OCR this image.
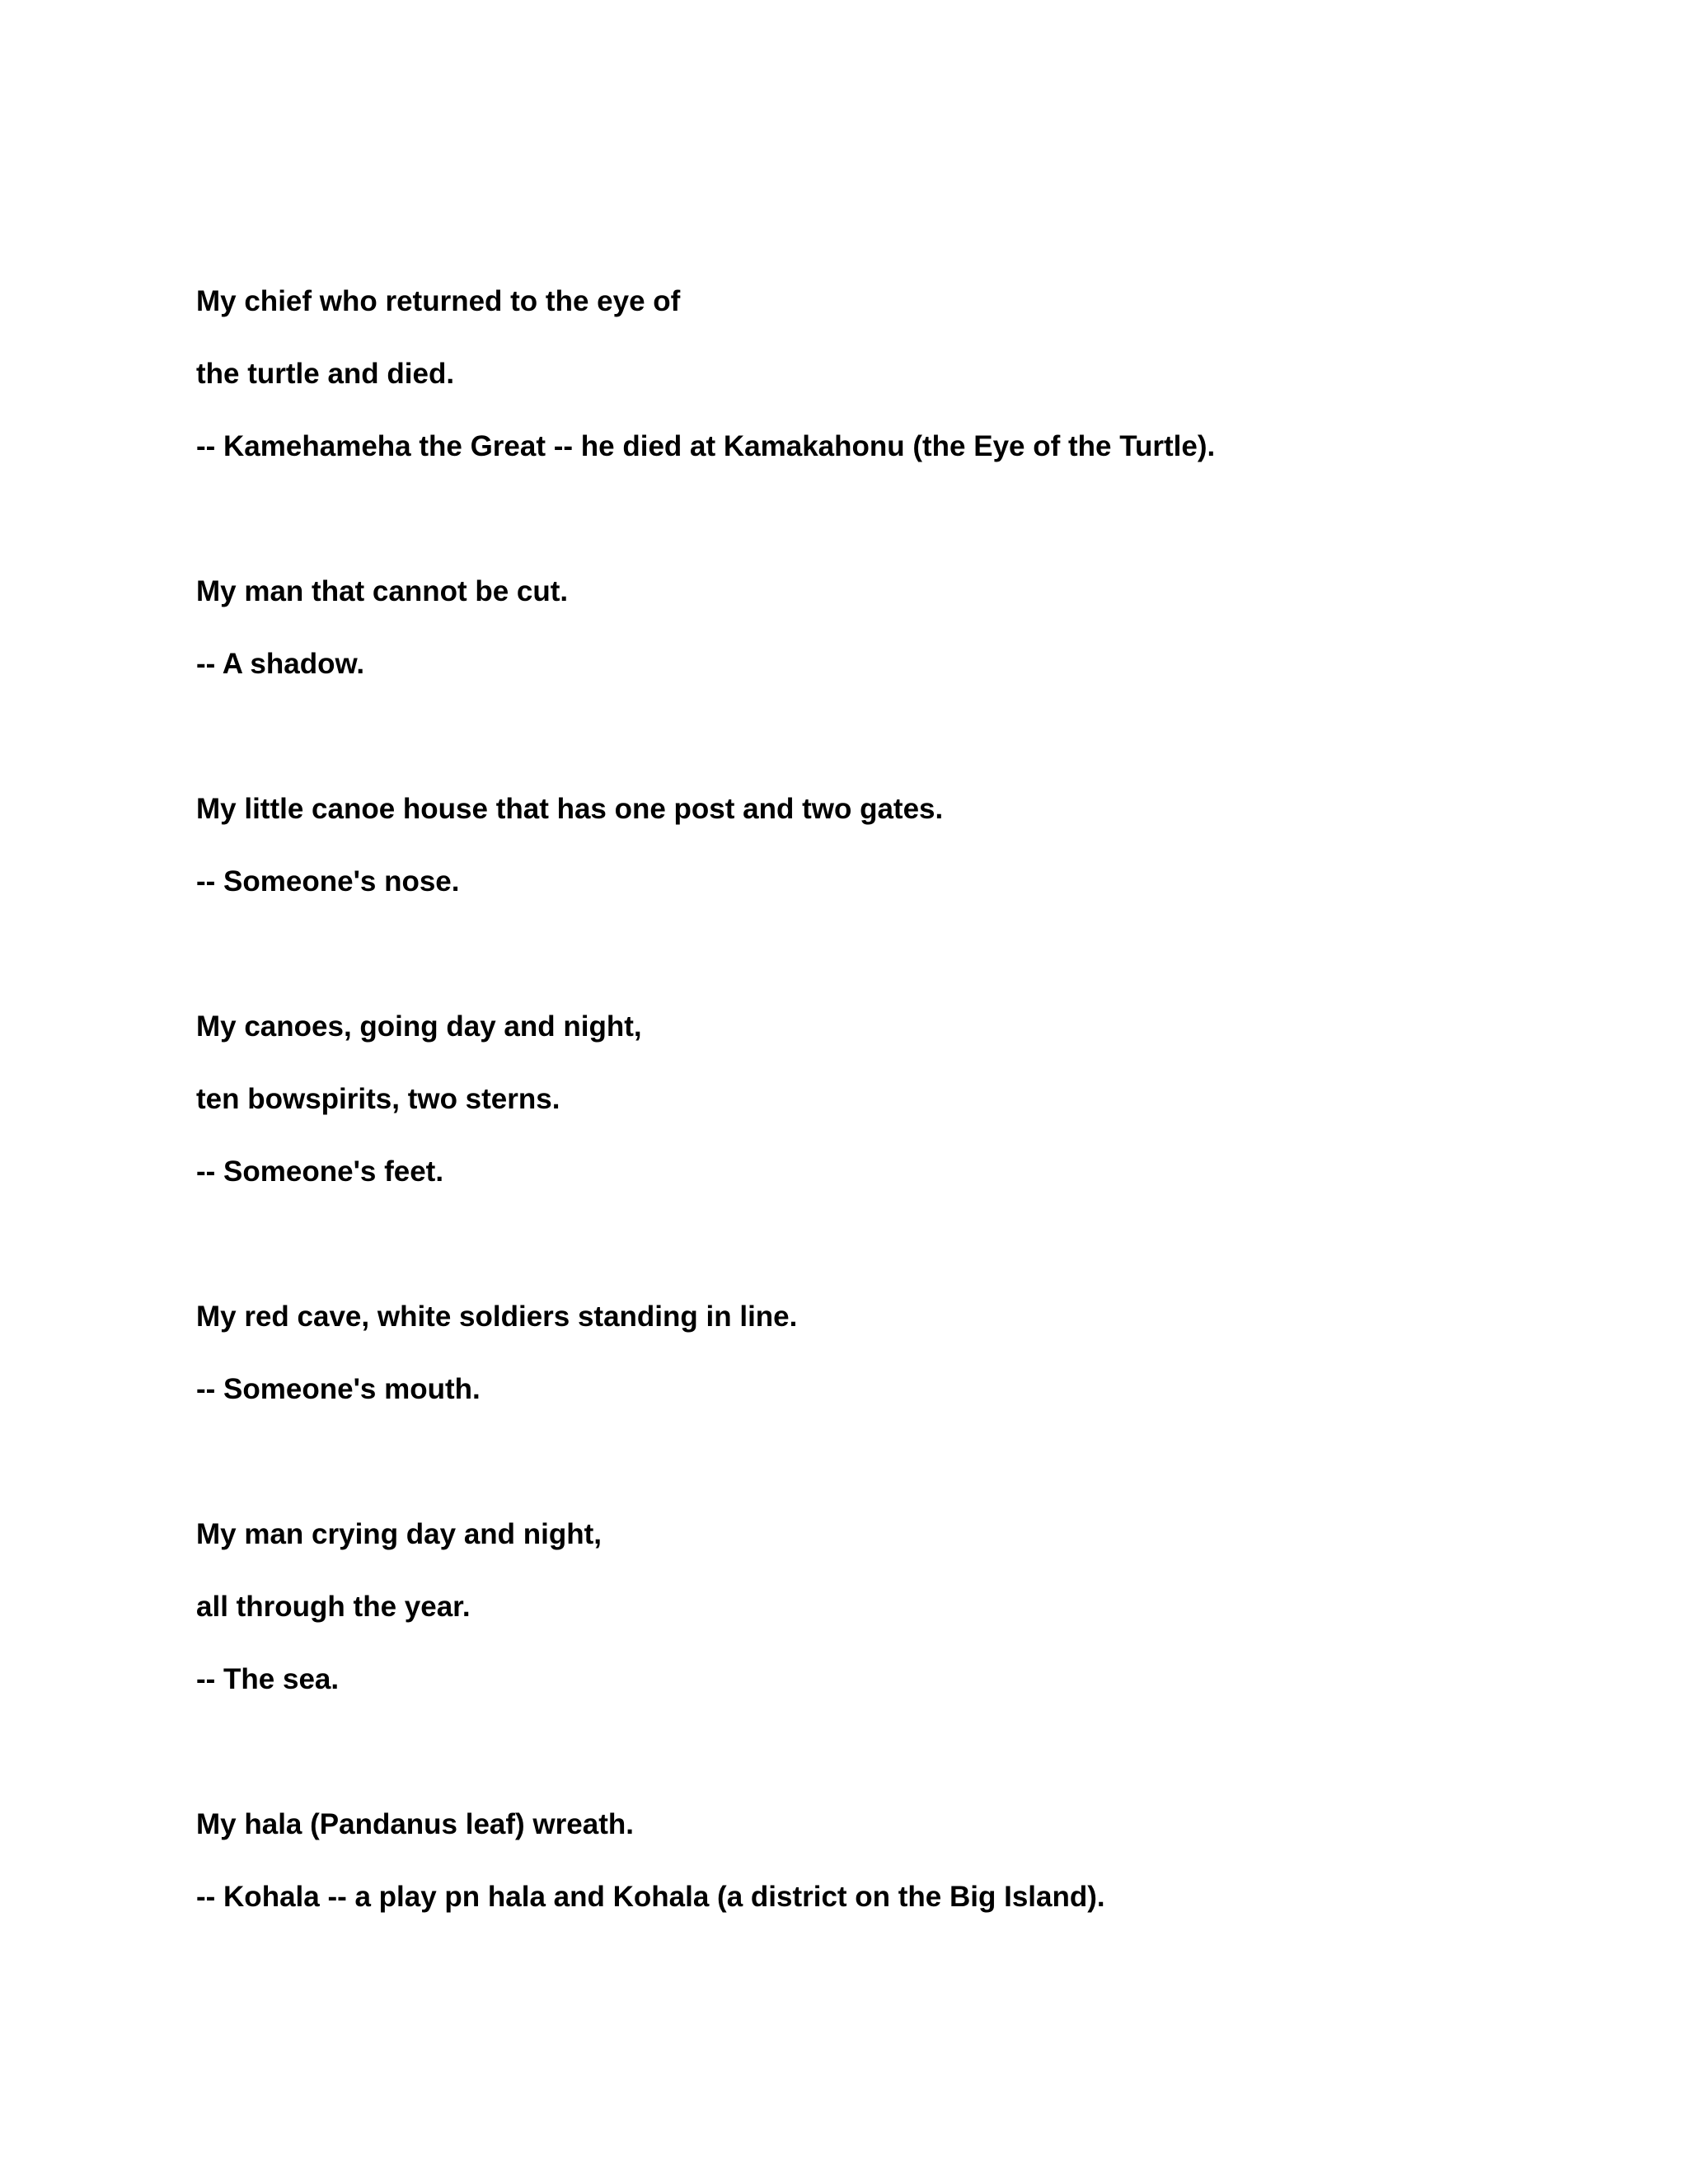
My chief who returned to the eye of

the turtle and died.

-- Kamehameha the Great -- he died at Kamakahonu (the Eye of the Turtle).

My man that cannot be cut.

-- A shadow.

My little canoe house that has one post and two gates.

-- Someone's nose.

My canoes, going day and night,

ten bowspirits, two sterns.

-- Someone's feet.

My red cave, white soldiers standing in line.

-- Someone's mouth.

My man crying day and night,

all through the year.

-- The sea.

My hala (Pandanus leaf) wreath.

-- Kohala -- a play pn hala and Kohala (a district on the Big Island).
